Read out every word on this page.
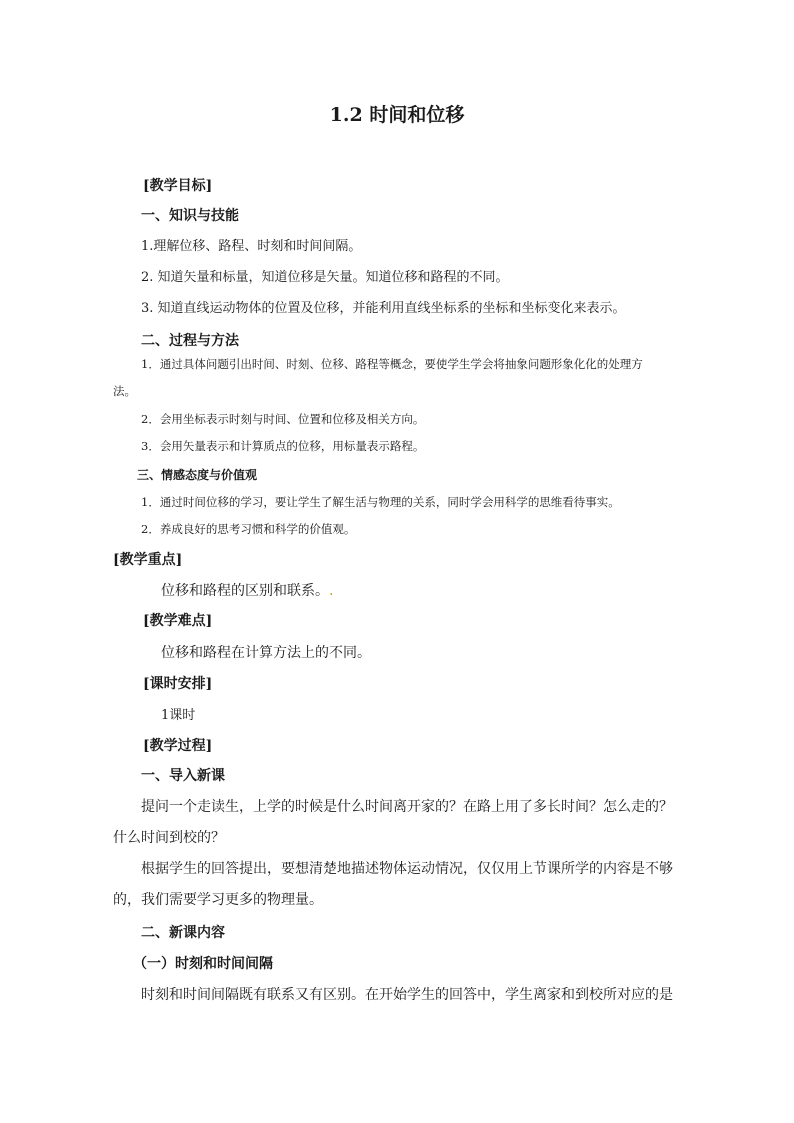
1.2 时间和位移
[教学目标]
一、知识与技能
1.理解位移、路程、时刻和时间间隔。
2. 知道矢量和标量，知道位移是矢量。知道位移和路程的不同。
3. 知道直线运动物体的位置及位移，并能利用直线坐标系的坐标和坐标变化来表示。
二、过程与方法
1．通过具体问题引出时间、时刻、位移、路程等概念，要使学生学会将抽象问题形象化化的处理方
法。
2．会用坐标表示时刻与时间、位置和位移及相关方向。
3．会用矢量表示和计算质点的位移，用标量表示路程。
三、情感态度与价值观
1．通过时间位移的学习，要让学生了解生活与物理的关系，同时学会用科学的思维看待事实。
2．养成良好的思考习惯和科学的价值观。
[教学重点]
位移和路程的区别和联系。.
[教学难点]
位移和路程在计算方法上的不同。
[课时安排]
1课时
[教学过程]
一、导入新课
提问一个走读生，上学的时候是什么时间离开家的？在路上用了多长时间？怎么走的？
什么时间到校的？
根据学生的回答提出，要想清楚地描述物体运动情况，仅仅用上节课所学的内容是不够
的，我们需要学习更多的物理量。
二、新课内容
（一）时刻和时间间隔
时刻和时间间隔既有联系又有区别。在开始学生的回答中，学生离家和到校所对应的是
